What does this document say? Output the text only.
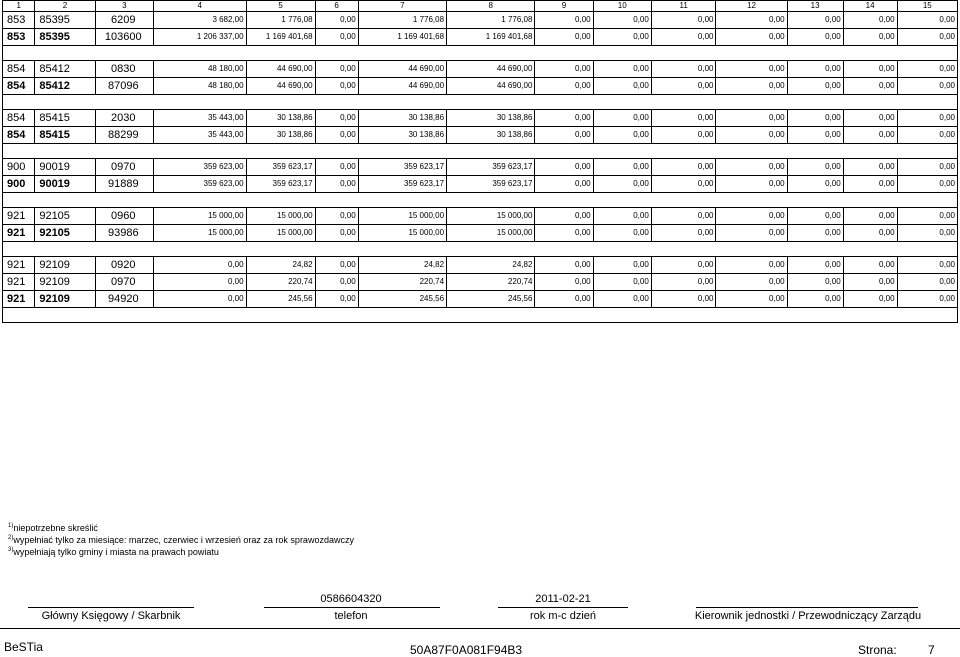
1	2	3	4	5	6	7	8	9	10	11	12	13	14	15
853	85395	6209	3 682,00	1 776,08	0,00	1 776,08	1 776,08	0,00	0,00	0,00	0,00	0,00	0,00	0,00
853	85395	103600	1 206 337,00	1 169 401,68	0,00	1 169 401,68	1 169 401,68	0,00	0,00	0,00	0,00	0,00	0,00	0,00

854	85412	0830	48 180,00	44 690,00	0,00	44 690,00	44 690,00	0,00	0,00	0,00	0,00	0,00	0,00	0,00
854	85412	87096	48 180,00	44 690,00	0,00	44 690,00	44 690,00	0,00	0,00	0,00	0,00	0,00	0,00	0,00

854	85415	2030	35 443,00	30 138,86	0,00	30 138,86	30 138,86	0,00	0,00	0,00	0,00	0,00	0,00	0,00
854	85415	88299	35 443,00	30 138,86	0,00	30 138,86	30 138,86	0,00	0,00	0,00	0,00	0,00	0,00	0,00

900	90019	0970	359 623,00	359 623,17	0,00	359 623,17	359 623,17	0,00	0,00	0,00	0,00	0,00	0,00	0,00
900	90019	91889	359 623,00	359 623,17	0,00	359 623,17	359 623,17	0,00	0,00	0,00	0,00	0,00	0,00	0,00

921	92105	0960	15 000,00	15 000,00	0,00	15 000,00	15 000,00	0,00	0,00	0,00	0,00	0,00	0,00	0,00
921	92105	93986	15 000,00	15 000,00	0,00	15 000,00	15 000,00	0,00	0,00	0,00	0,00	0,00	0,00	0,00

921	92109	0920	0,00	24,82	0,00	24,82	24,82	0,00	0,00	0,00	0,00	0,00	0,00	0,00
921	92109	0970	0,00	220,74	0,00	220,74	220,74	0,00	0,00	0,00	0,00	0,00	0,00	0,00
921	92109	94920	0,00	245,56	0,00	245,56	245,56	0,00	0,00	0,00	0,00	0,00	0,00	0,00

$^{1)}$niepotrzebne skreślić
$^{2)}$wypełniać tylko za miesiące: marzec, czerwiec i wrzesień oraz za rok sprawozdawczy
$^{3)}$wypełniają tylko gminy i miasta na prawach powiatu
0586604320	2011-02-21
Główny Księgowy / Skarbnik	telefon	rok m-c dzień	Kierownik jednostki / Przewodniczący Zarządu
BeSTia	50A87F0A081F94B3	Strona:	7
